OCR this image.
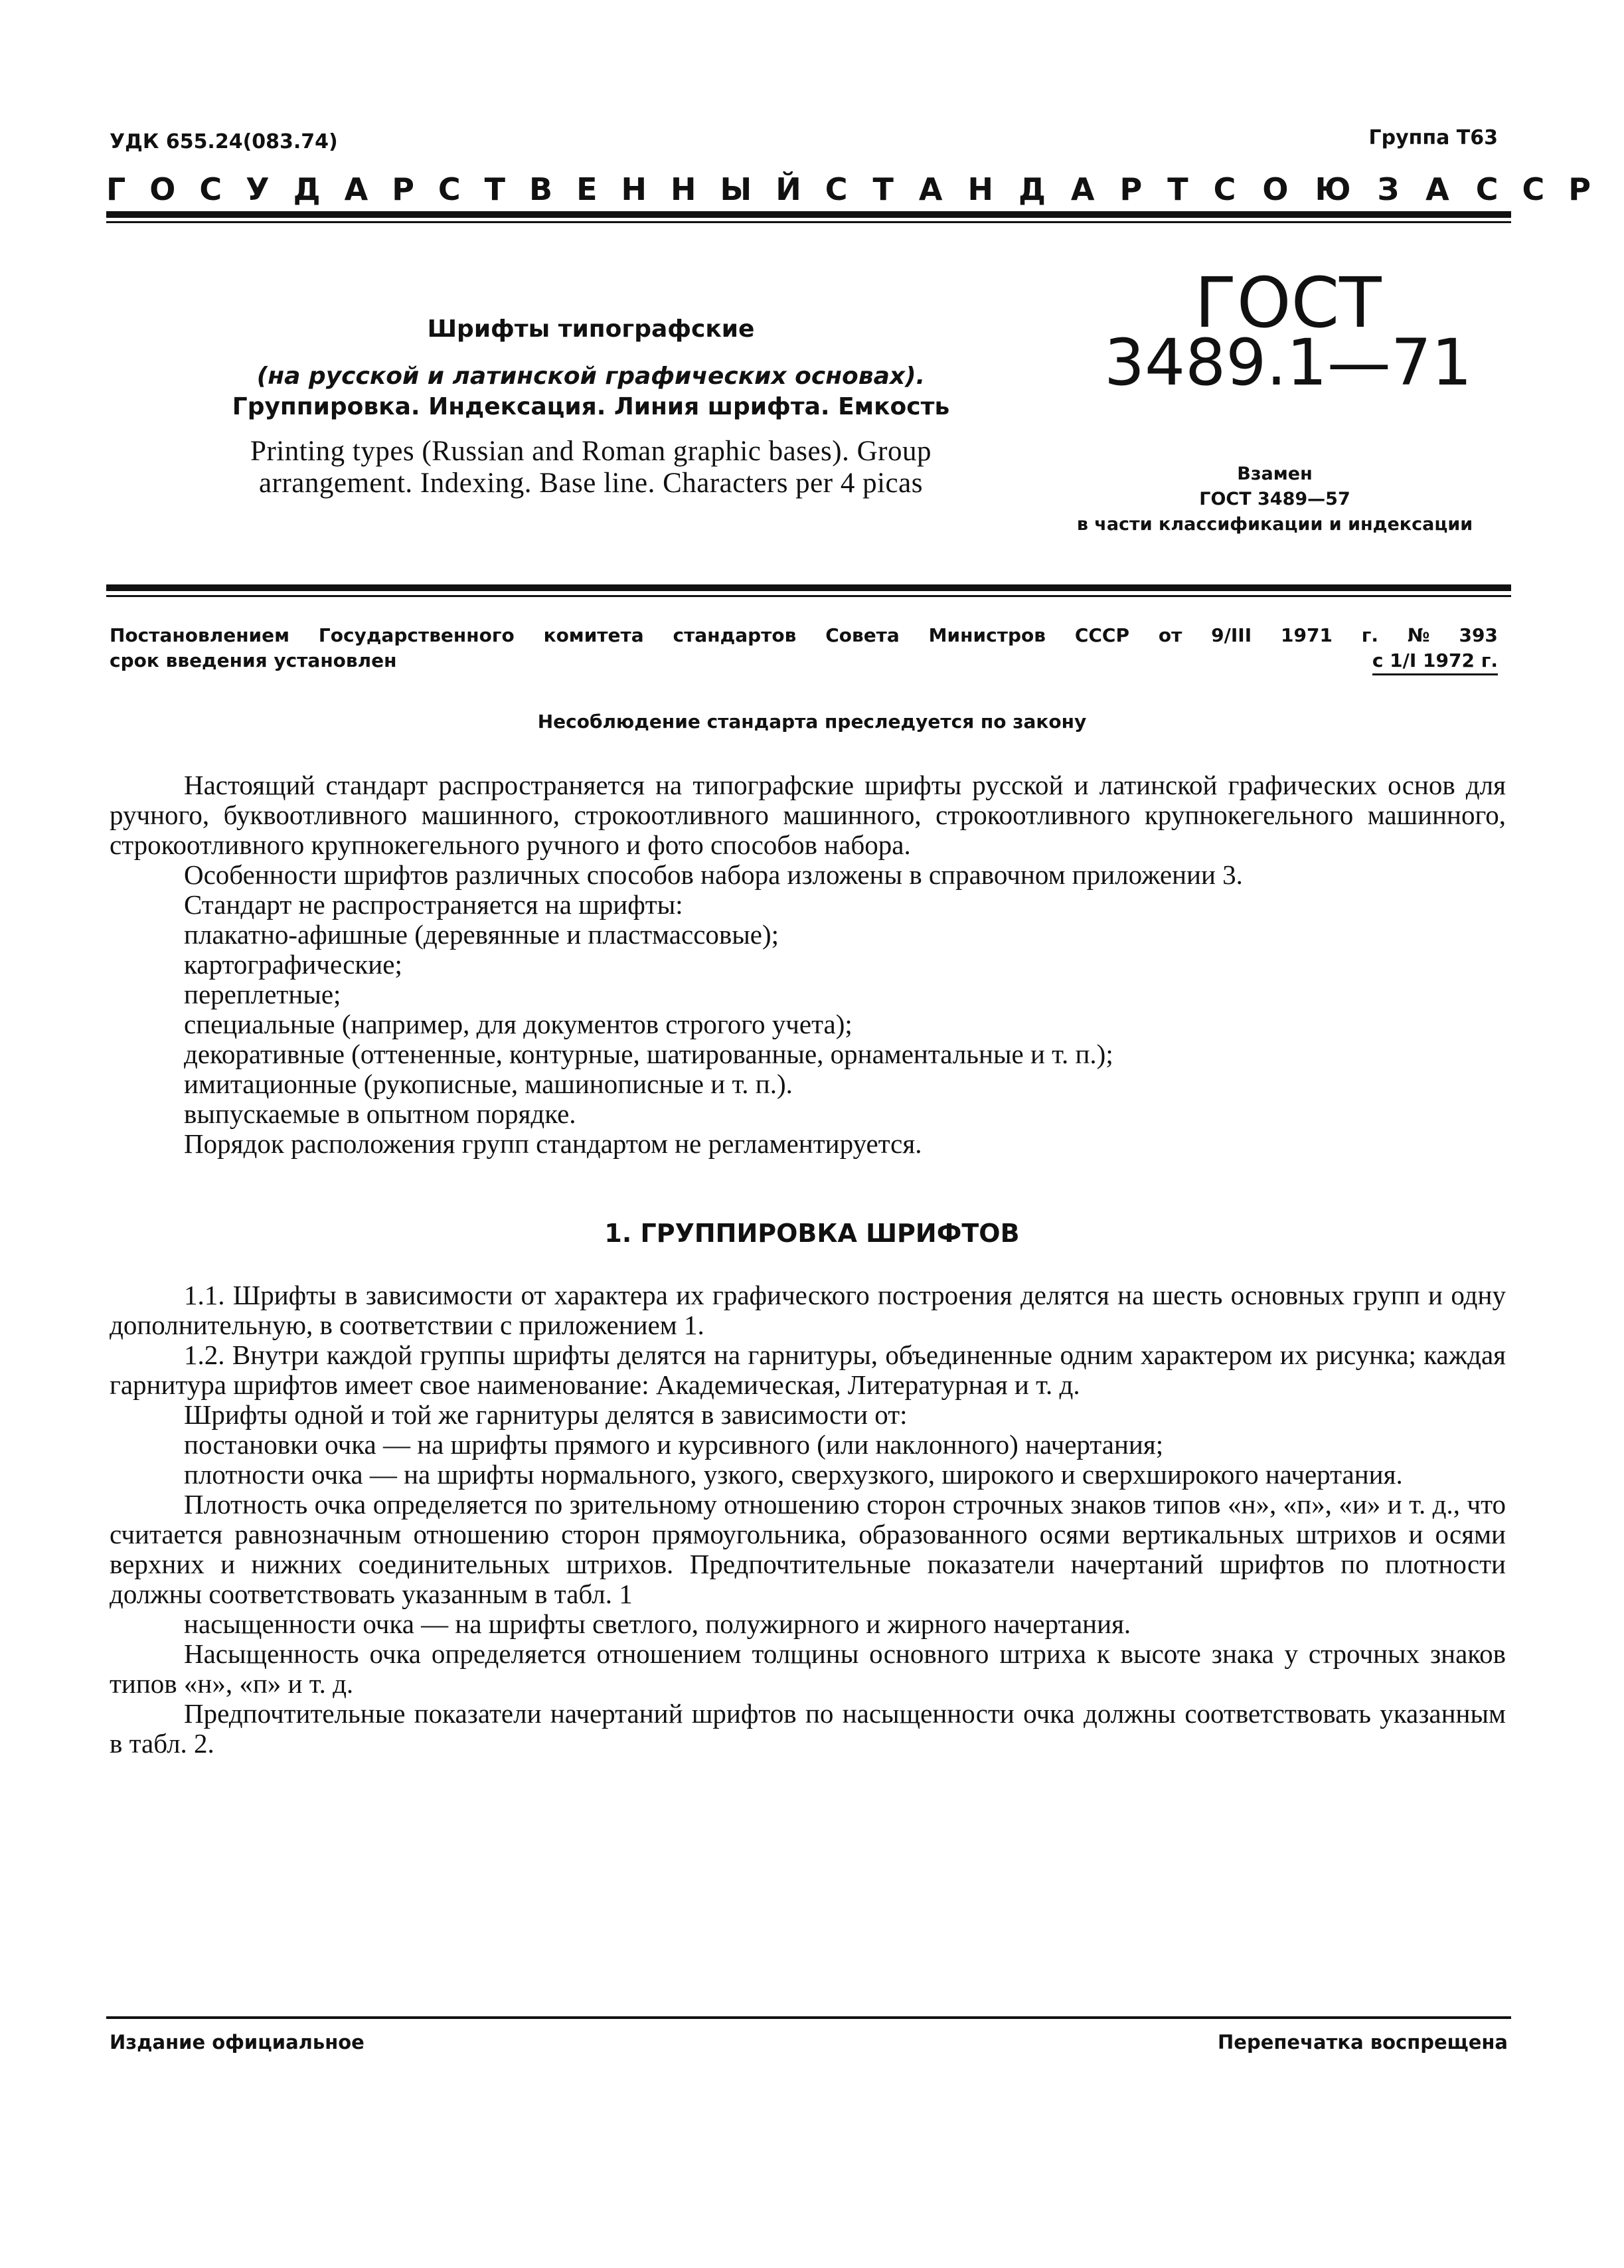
УДК 655.24(083.74)	Группа Т63
ГОСУДАРСТВЕННЫЙ СТАНДАРТ СОЮЗА ССР
Шрифты типографские
(на русской и латинской графических основах).
Группировка. Индексация. Линия шрифта. Емкость
Printing types (Russian and Roman graphic bases). Group
arrangement. Indexing. Base line. Characters per 4 picas
ГОСТ
3489.1—71
Взамен
ГОСТ 3489—57
в части классификации и индексации
Постановлением Государственного комитета стандартов Совета Министров СССР от 9/III 1971 г. № 393
срок введения установлен	с 1/I 1972 г.
Несоблюдение стандарта преследуется по закону

Настоящий стандарт распространяется на типографские шрифты русской и латинской графических основ для ручного, буквоотливного машинного, строкоотливного машинного, строкоотливного крупнокегельного машинного, строкоотливного крупнокегельного ручного и фото способов набора.

Особенности шрифтов различных способов набора изложены в справочном приложении 3.

Стандарт не распространяется на шрифты:

плакатно-афишные (деревянные и пластмассовые);

картографические;

переплетные;

специальные (например, для документов строгого учета);

декоративные (оттененные, контурные, шатированные, орнаментальные и т. п.);

имитационные (рукописные, машинописные и т. п.).

выпускаемые в опытном порядке.

Порядок расположения групп стандартом не регламентируется.

1. ГРУППИРОВКА ШРИФТОВ

1.1. Шрифты в зависимости от характера их графического построения делятся на шесть основных групп и одну дополнительную, в соответствии с приложением 1.

1.2. Внутри каждой группы шрифты делятся на гарнитуры, объединенные одним характером их рисунка; каждая гарнитура шрифтов имеет свое наименование: Академическая, Литературная и т. д.

Шрифты одной и той же гарнитуры делятся в зависимости от:

постановки очка — на шрифты прямого и курсивного (или наклонного) начертания;

плотности очка — на шрифты нормального, узкого, сверхузкого, широкого и сверхширокого начертания.

Плотность очка определяется по зрительному отношению сторон строчных знаков типов «н», «п», «и» и т. д., что считается равнозначным отношению сторон прямоугольника, образованного осями вертикальных штрихов и осями верхних и нижних соединительных штрихов. Предпочтительные показатели начертаний шрифтов по плотности должны соответствовать указанным в табл. 1

насыщенности очка — на шрифты светлого, полужирного и жирного начертания.

Насыщенность очка определяется отношением толщины основного штриха к высоте знака у строчных знаков типов «н», «п» и т. д.

Предпочтительные показатели начертаний шрифтов по насыщенности очка должны соответствовать указанным в табл. 2.

Издание официальное	Перепечатка воспрещена
